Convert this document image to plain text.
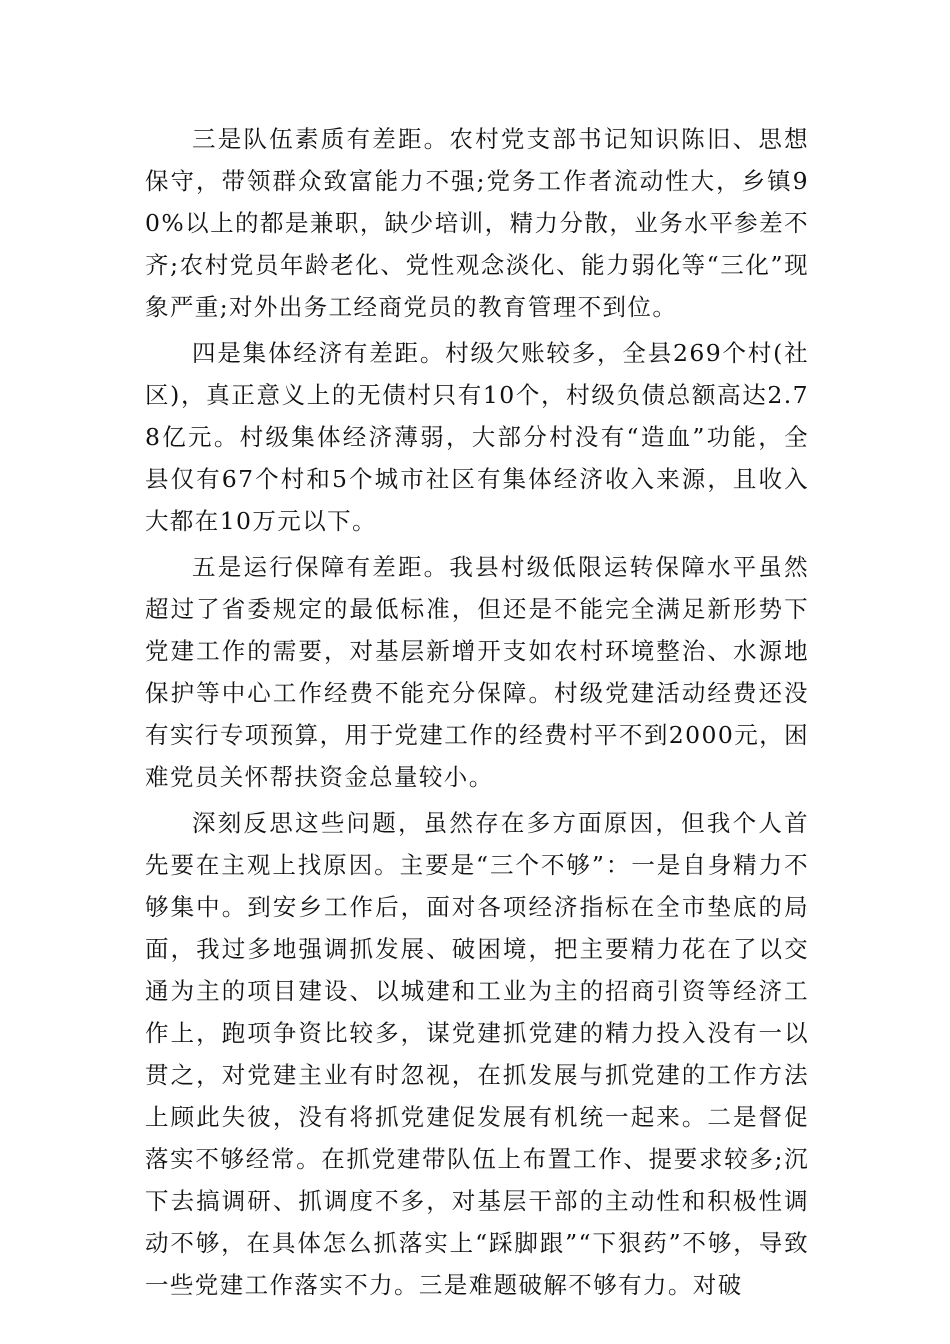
三是队伍素质有差距。农村党支部书记知识陈旧、思想保守，带领群众致富能力不强;党务工作者流动性大，乡镇90%以上的都是兼职，缺少培训，精力分散，业务水平参差不齐;农村党员年龄老化、党性观念淡化、能力弱化等“三化”现象严重;对外出务工经商党员的教育管理不到位。

四是集体经济有差距。村级欠账较多，全县269个村(社区)，真正意义上的无债村只有10个，村级负债总额高达2.78亿元。村级集体经济薄弱，大部分村没有“造血”功能，全县仅有67个村和5个城市社区有集体经济收入来源，且收入大都在10万元以下。

五是运行保障有差距。我县村级低限运转保障水平虽然超过了省委规定的最低标准，但还是不能完全满足新形势下党建工作的需要，对基层新增开支如农村环境整治、水源地保护等中心工作经费不能充分保障。村级党建活动经费还没有实行专项预算，用于党建工作的经费村平不到2000元，困难党员关怀帮扶资金总量较小。

深刻反思这些问题，虽然存在多方面原因，但我个人首先要在主观上找原因。主要是“三个不够”：一是自身精力不够集中。到安乡工作后，面对各项经济指标在全市垫底的局面，我过多地强调抓发展、破困境，把主要精力花在了以交通为主的项目建设、以城建和工业为主的招商引资等经济工作上，跑项争资比较多，谋党建抓党建的精力投入没有一以贯之，对党建主业有时忽视，在抓发展与抓党建的工作方法上顾此失彼，没有将抓党建促发展有机统一起来。二是督促落实不够经常。在抓党建带队伍上布置工作、提要求较多;沉下去搞调研、抓调度不多，对基层干部的主动性和积极性调动不够，在具体怎么抓落实上“踩脚跟”“下狠药”不够，导致一些党建工作落实不力。三是难题破解不够有力。对破
